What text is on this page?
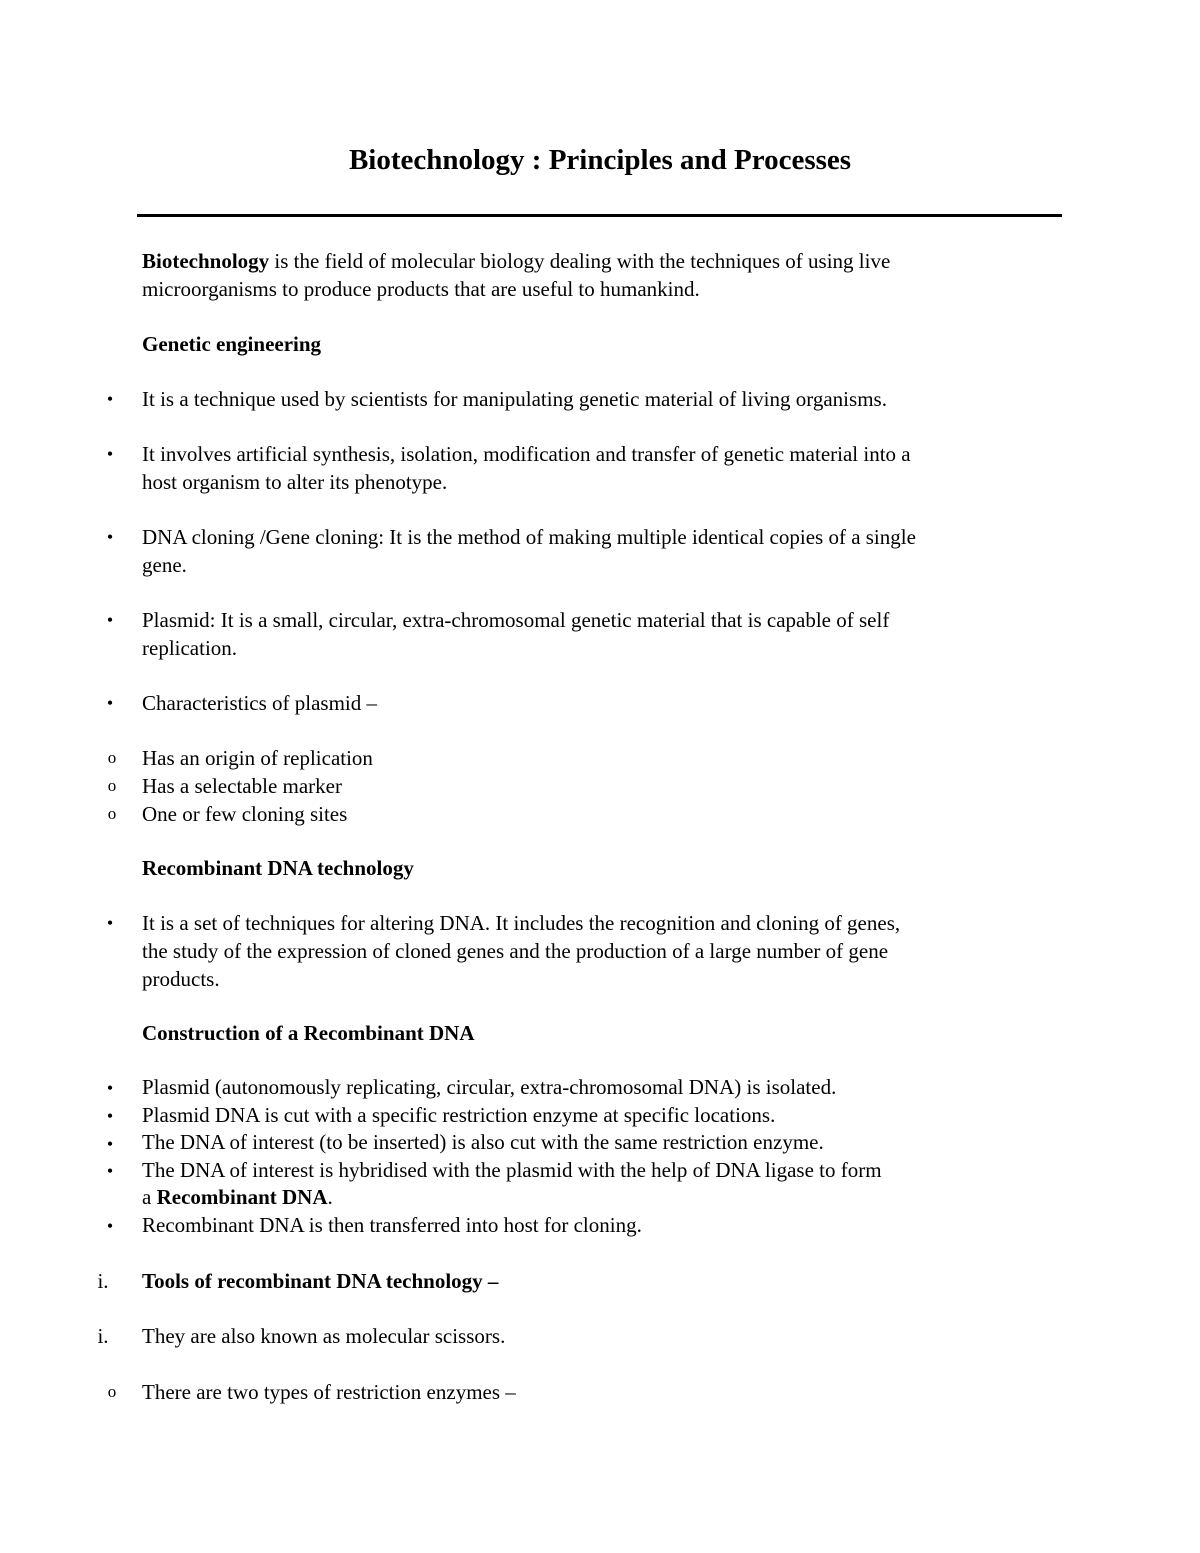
Biotechnology : Principles and Processes
Biotechnology is the field of molecular biology dealing with the techniques of using live
microorganisms to produce products that are useful to humankind.
Genetic engineering
•	It is a technique used by scientists for manipulating genetic material of living organisms.
•	It involves artificial synthesis, isolation, modification and transfer of genetic material into a
host organism to alter its phenotype.
•	DNA cloning /Gene cloning: It is the method of making multiple identical copies of a single
gene.
•	Plasmid: It is a small, circular, extra-chromosomal genetic material that is capable of self
replication.
•	Characteristics of plasmid –
o
o
o
Has an origin of replication
Has a selectable marker
One or few cloning sites
Recombinant DNA technology
•	It is a set of techniques for altering DNA. It includes the recognition and cloning of genes,
the study of the expression of cloned genes and the production of a large number of gene
products.
Construction of a Recombinant DNA
•
•
•
•
•
Plasmid (autonomously replicating, circular, extra-chromosomal DNA) is isolated.
Plasmid DNA is cut with a specific restriction enzyme at specific locations.
The DNA of interest (to be inserted) is also cut with the same restriction enzyme.
The DNA of interest is hybridised with the plasmid with the help of DNA ligase to form
a Recombinant DNA.
Recombinant DNA is then transferred into host for cloning.
i.	Tools of recombinant DNA technology –
i.	They are also known as molecular scissors.
o	There are two types of restriction enzymes –
